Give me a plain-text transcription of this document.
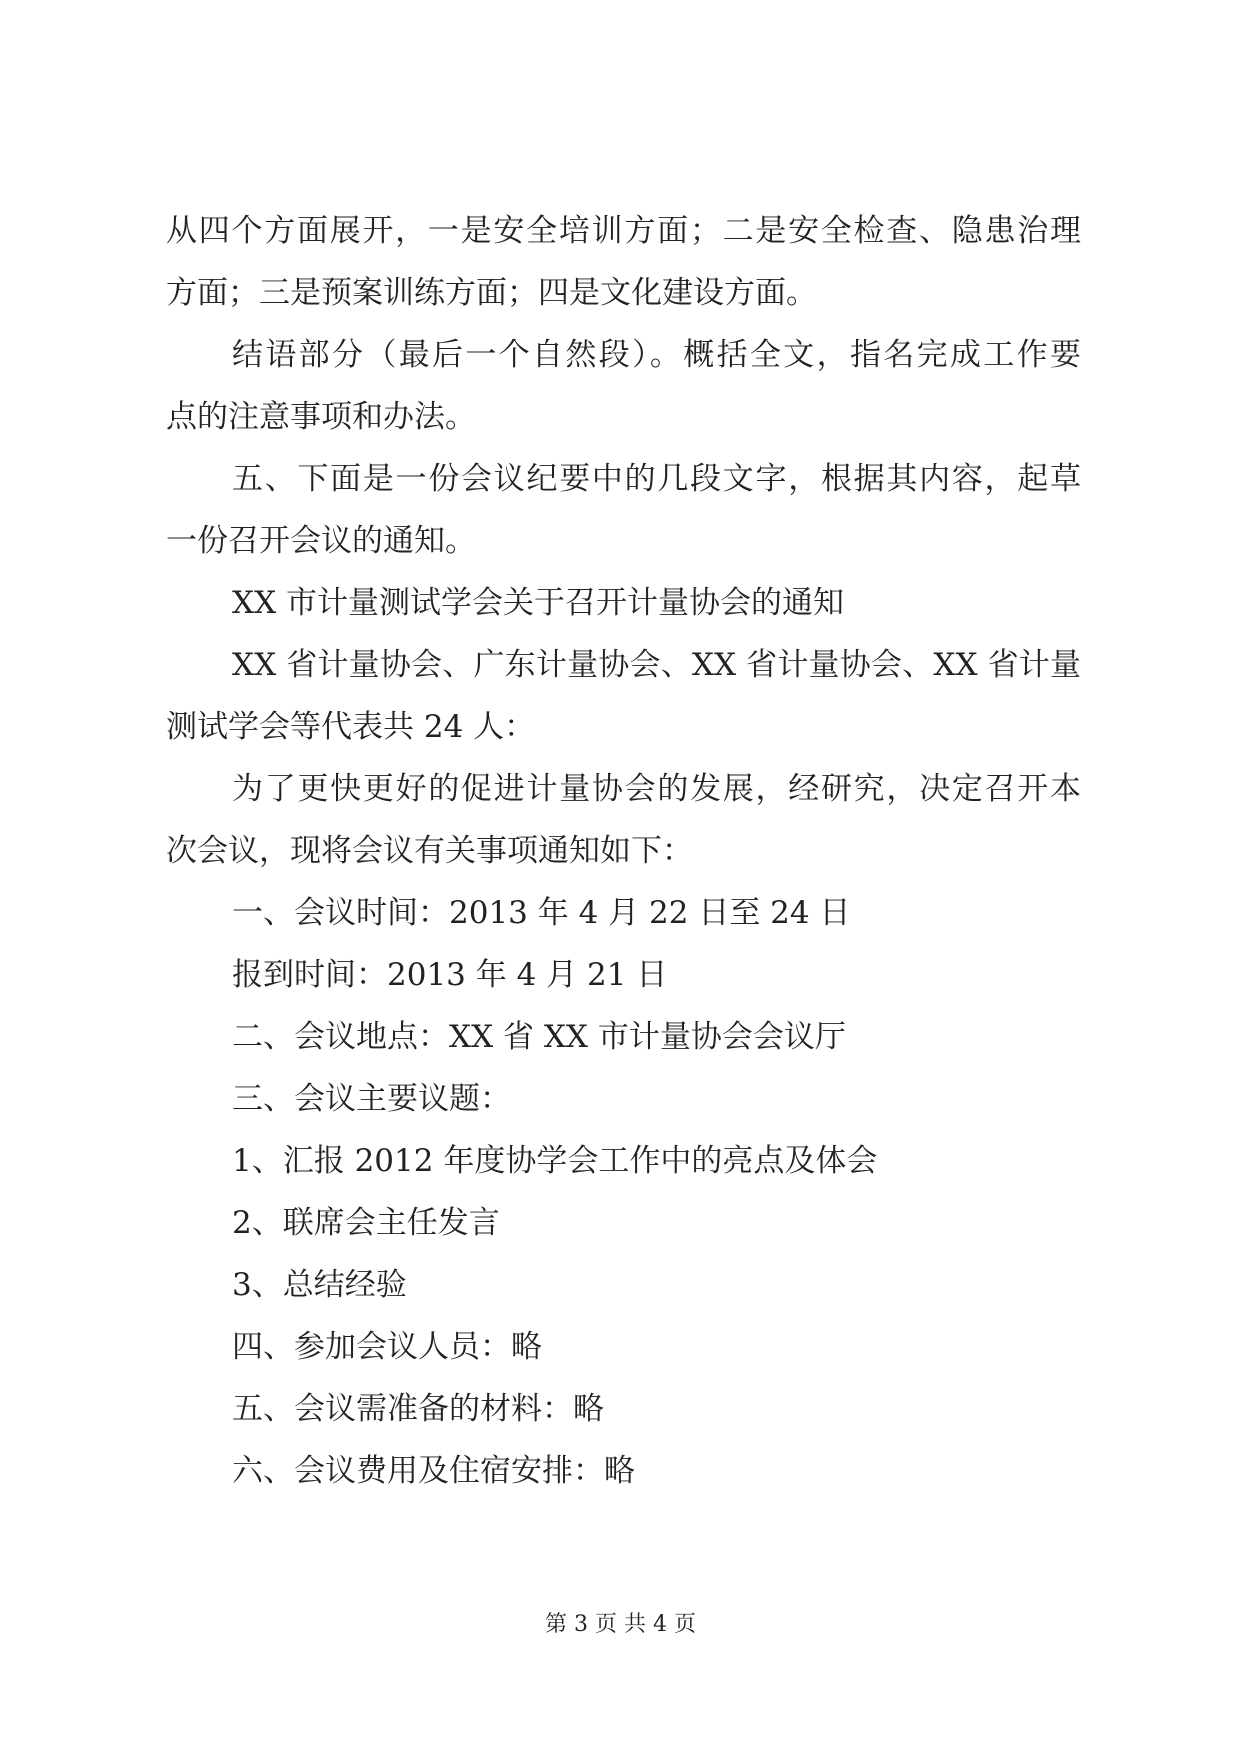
从四个方面展开，一是安全培训方面；二是安全检查、隐患治理
方面；三是预案训练方面；四是文化建设方面。
结语部分（最后一个自然段）。概括全文，指名完成工作要
点的注意事项和办法。
五、下面是一份会议纪要中的几段文字，根据其内容，起草
一份召开会议的通知。
XX 市计量测试学会关于召开计量协会的通知
XX 省计量协会、广东计量协会、XX 省计量协会、XX 省计量
测试学会等代表共 24 人：
为了更快更好的促进计量协会的发展，经研究，决定召开本
次会议，现将会议有关事项通知如下：
一、会议时间：2013 年 4 月 22 日至 24 日
报到时间：2013 年 4 月 21 日
二、会议地点：XX 省 XX 市计量协会会议厅
三、会议主要议题：
1、汇报 2012 年度协学会工作中的亮点及体会
2、联席会主任发言
3、总结经验
四、参加会议人员：略
五、会议需准备的材料：略
六、会议费用及住宿安排：略
第 3 页 共 4 页
